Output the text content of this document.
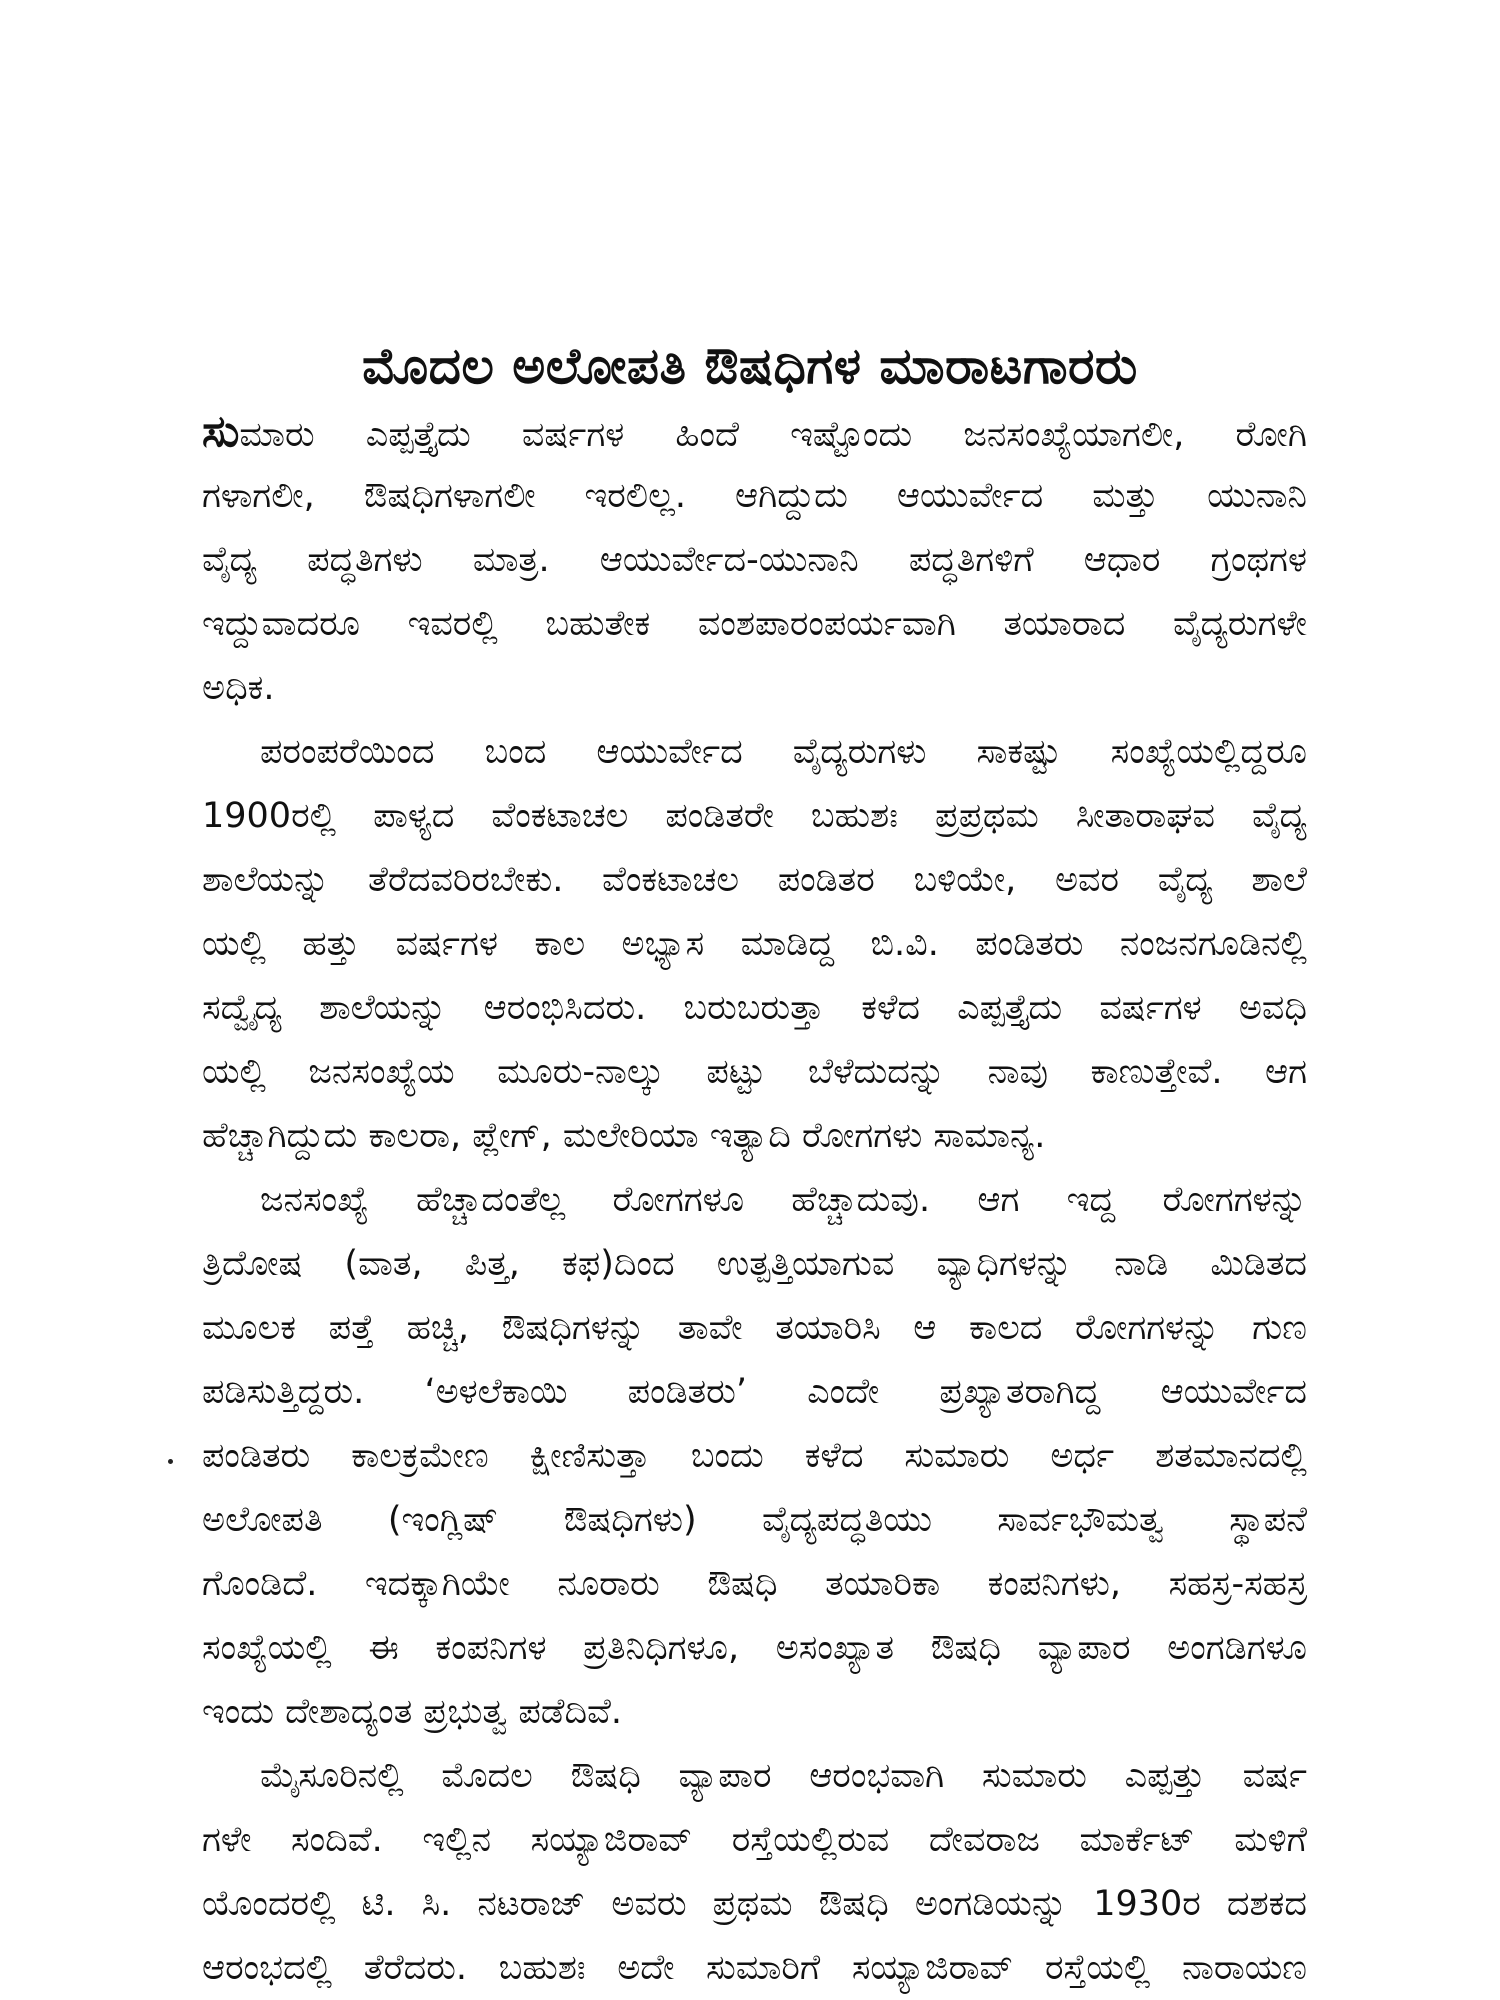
ಮೊದಲ ಅಲೋಪತಿ ಔಷಧಿಗಳ ಮಾರಾಟಗಾರರು
ಸುಮಾರು ಎಪ್ಪತ್ತೈದು ವರ್ಷಗಳ ಹಿಂದೆ ಇಷ್ಟೊಂದು ಜನಸಂಖ್ಯೆಯಾಗಲೀ, ರೋಗಿ
ಗಳಾಗಲೀ, ಔಷಧಿಗಳಾಗಲೀ ಇರಲಿಲ್ಲ. ಆಗಿದ್ದುದು ಆಯುರ್ವೇದ ಮತ್ತು ಯುನಾನಿ
ವೈದ್ಯ ಪದ್ಧತಿಗಳು ಮಾತ್ರ. ಆಯುರ್ವೇದ-ಯುನಾನಿ ಪದ್ಧತಿಗಳಿಗೆ ಆಧಾರ ಗ್ರಂಥಗಳ
ಇದ್ದುವಾದರೂ ಇವರಲ್ಲಿ ಬಹುತೇಕ ವಂಶಪಾರಂಪರ್ಯವಾಗಿ ತಯಾರಾದ ವೈದ್ಯರುಗಳೇ
ಅಧಿಕ.
ಪರಂಪರೆಯಿಂದ ಬಂದ ಆಯುರ್ವೇದ ವೈದ್ಯರುಗಳು ಸಾಕಷ್ಟು ಸಂಖ್ಯೆಯಲ್ಲಿದ್ದರೂ
1900ರಲ್ಲಿ ಪಾಳ್ಯದ ವೆಂಕಟಾಚಲ ಪಂಡಿತರೇ ಬಹುಶಃ ಪ್ರಪ್ರಥಮ ಸೀತಾರಾಘವ ವೈದ್ಯ
ಶಾಲೆಯನ್ನು ತೆರೆದವರಿರಬೇಕು. ವೆಂಕಟಾಚಲ ಪಂಡಿತರ ಬಳಿಯೇ, ಅವರ ವೈದ್ಯ ಶಾಲೆ
ಯಲ್ಲಿ ಹತ್ತು ವರ್ಷಗಳ ಕಾಲ ಅಭ್ಯಾಸ ಮಾಡಿದ್ದ ಬಿ.ವಿ. ಪಂಡಿತರು ನಂಜನಗೂಡಿನಲ್ಲಿ
ಸದ್ವೈದ್ಯ ಶಾಲೆಯನ್ನು ಆರಂಭಿಸಿದರು. ಬರುಬರುತ್ತಾ ಕಳೆದ ಎಪ್ಪತ್ತೈದು ವರ್ಷಗಳ ಅವಧಿ
ಯಲ್ಲಿ ಜನಸಂಖ್ಯೆಯ ಮೂರು-ನಾಲ್ಕು ಪಟ್ಟು ಬೆಳೆದುದನ್ನು ನಾವು ಕಾಣುತ್ತೇವೆ. ಆಗ
ಹೆಚ್ಚಾಗಿದ್ದುದು ಕಾಲರಾ, ಪ್ಲೇಗ್, ಮಲೇರಿಯಾ ಇತ್ಯಾದಿ ರೋಗಗಳು ಸಾಮಾನ್ಯ.
ಜನಸಂಖ್ಯೆ ಹೆಚ್ಚಾದಂತೆಲ್ಲ ರೋಗಗಳೂ ಹೆಚ್ಚಾದುವು. ಆಗ ಇದ್ದ ರೋಗಗಳನ್ನು
ತ್ರಿದೋಷ (ವಾತ, ಪಿತ್ತ, ಕಫ)ದಿಂದ ಉತ್ಪತ್ತಿಯಾಗುವ ವ್ಯಾಧಿಗಳನ್ನು ನಾಡಿ ಮಿಡಿತದ
ಮೂಲಕ ಪತ್ತೆ ಹಚ್ಚಿ, ಔಷಧಿಗಳನ್ನು ತಾವೇ ತಯಾರಿಸಿ ಆ ಕಾಲದ ರೋಗಗಳನ್ನು ಗುಣ
ಪಡಿಸುತ್ತಿದ್ದರು. ‘ಅಳಲೆಕಾಯಿ ಪಂಡಿತರು’ ಎಂದೇ ಪ್ರಖ್ಯಾತರಾಗಿದ್ದ ಆಯುರ್ವೇದ
ಪಂಡಿತರು ಕಾಲಕ್ರಮೇಣ ಕ್ಷೀಣಿಸುತ್ತಾ ಬಂದು ಕಳೆದ ಸುಮಾರು ಅರ್ಧ ಶತಮಾನದಲ್ಲಿ
ಅಲೋಪತಿ (ಇಂಗ್ಲಿಷ್ ಔಷಧಿಗಳು) ವೈದ್ಯಪದ್ಧತಿಯು ಸಾರ್ವಭೌಮತ್ವ ಸ್ಥಾಪನೆ
ಗೊಂಡಿದೆ. ಇದಕ್ಕಾಗಿಯೇ ನೂರಾರು ಔಷಧಿ ತಯಾರಿಕಾ ಕಂಪನಿಗಳು, ಸಹಸ್ರ-ಸಹಸ್ರ
ಸಂಖ್ಯೆಯಲ್ಲಿ ಈ ಕಂಪನಿಗಳ ಪ್ರತಿನಿಧಿಗಳೂ, ಅಸಂಖ್ಯಾತ ಔಷಧಿ ವ್ಯಾಪಾರ ಅಂಗಡಿಗಳೂ
ಇಂದು ದೇಶಾದ್ಯಂತ ಪ್ರಭುತ್ವ ಪಡೆದಿವೆ.
ಮೈಸೂರಿನಲ್ಲಿ ಮೊದಲ ಔಷಧಿ ವ್ಯಾಪಾರ ಆರಂಭವಾಗಿ ಸುಮಾರು ಎಪ್ಪತ್ತು ವರ್ಷ
ಗಳೇ ಸಂದಿವೆ. ಇಲ್ಲಿನ ಸಯ್ಯಾಜಿರಾವ್ ರಸ್ತೆಯಲ್ಲಿರುವ ದೇವರಾಜ ಮಾರ್ಕೆಟ್ ಮಳಿಗೆ
ಯೊಂದರಲ್ಲಿ ಟಿ. ಸಿ. ನಟರಾಜ್ ಅವರು ಪ್ರಥಮ ಔಷಧಿ ಅಂಗಡಿಯನ್ನು 1930ರ ದಶಕದ
ಆರಂಭದಲ್ಲಿ ತೆರೆದರು. ಬಹುಶಃ ಅದೇ ಸುಮಾರಿಗೆ ಸಯ್ಯಾಜಿರಾವ್ ರಸ್ತೆಯಲ್ಲಿ ನಾರಾಯಣ
